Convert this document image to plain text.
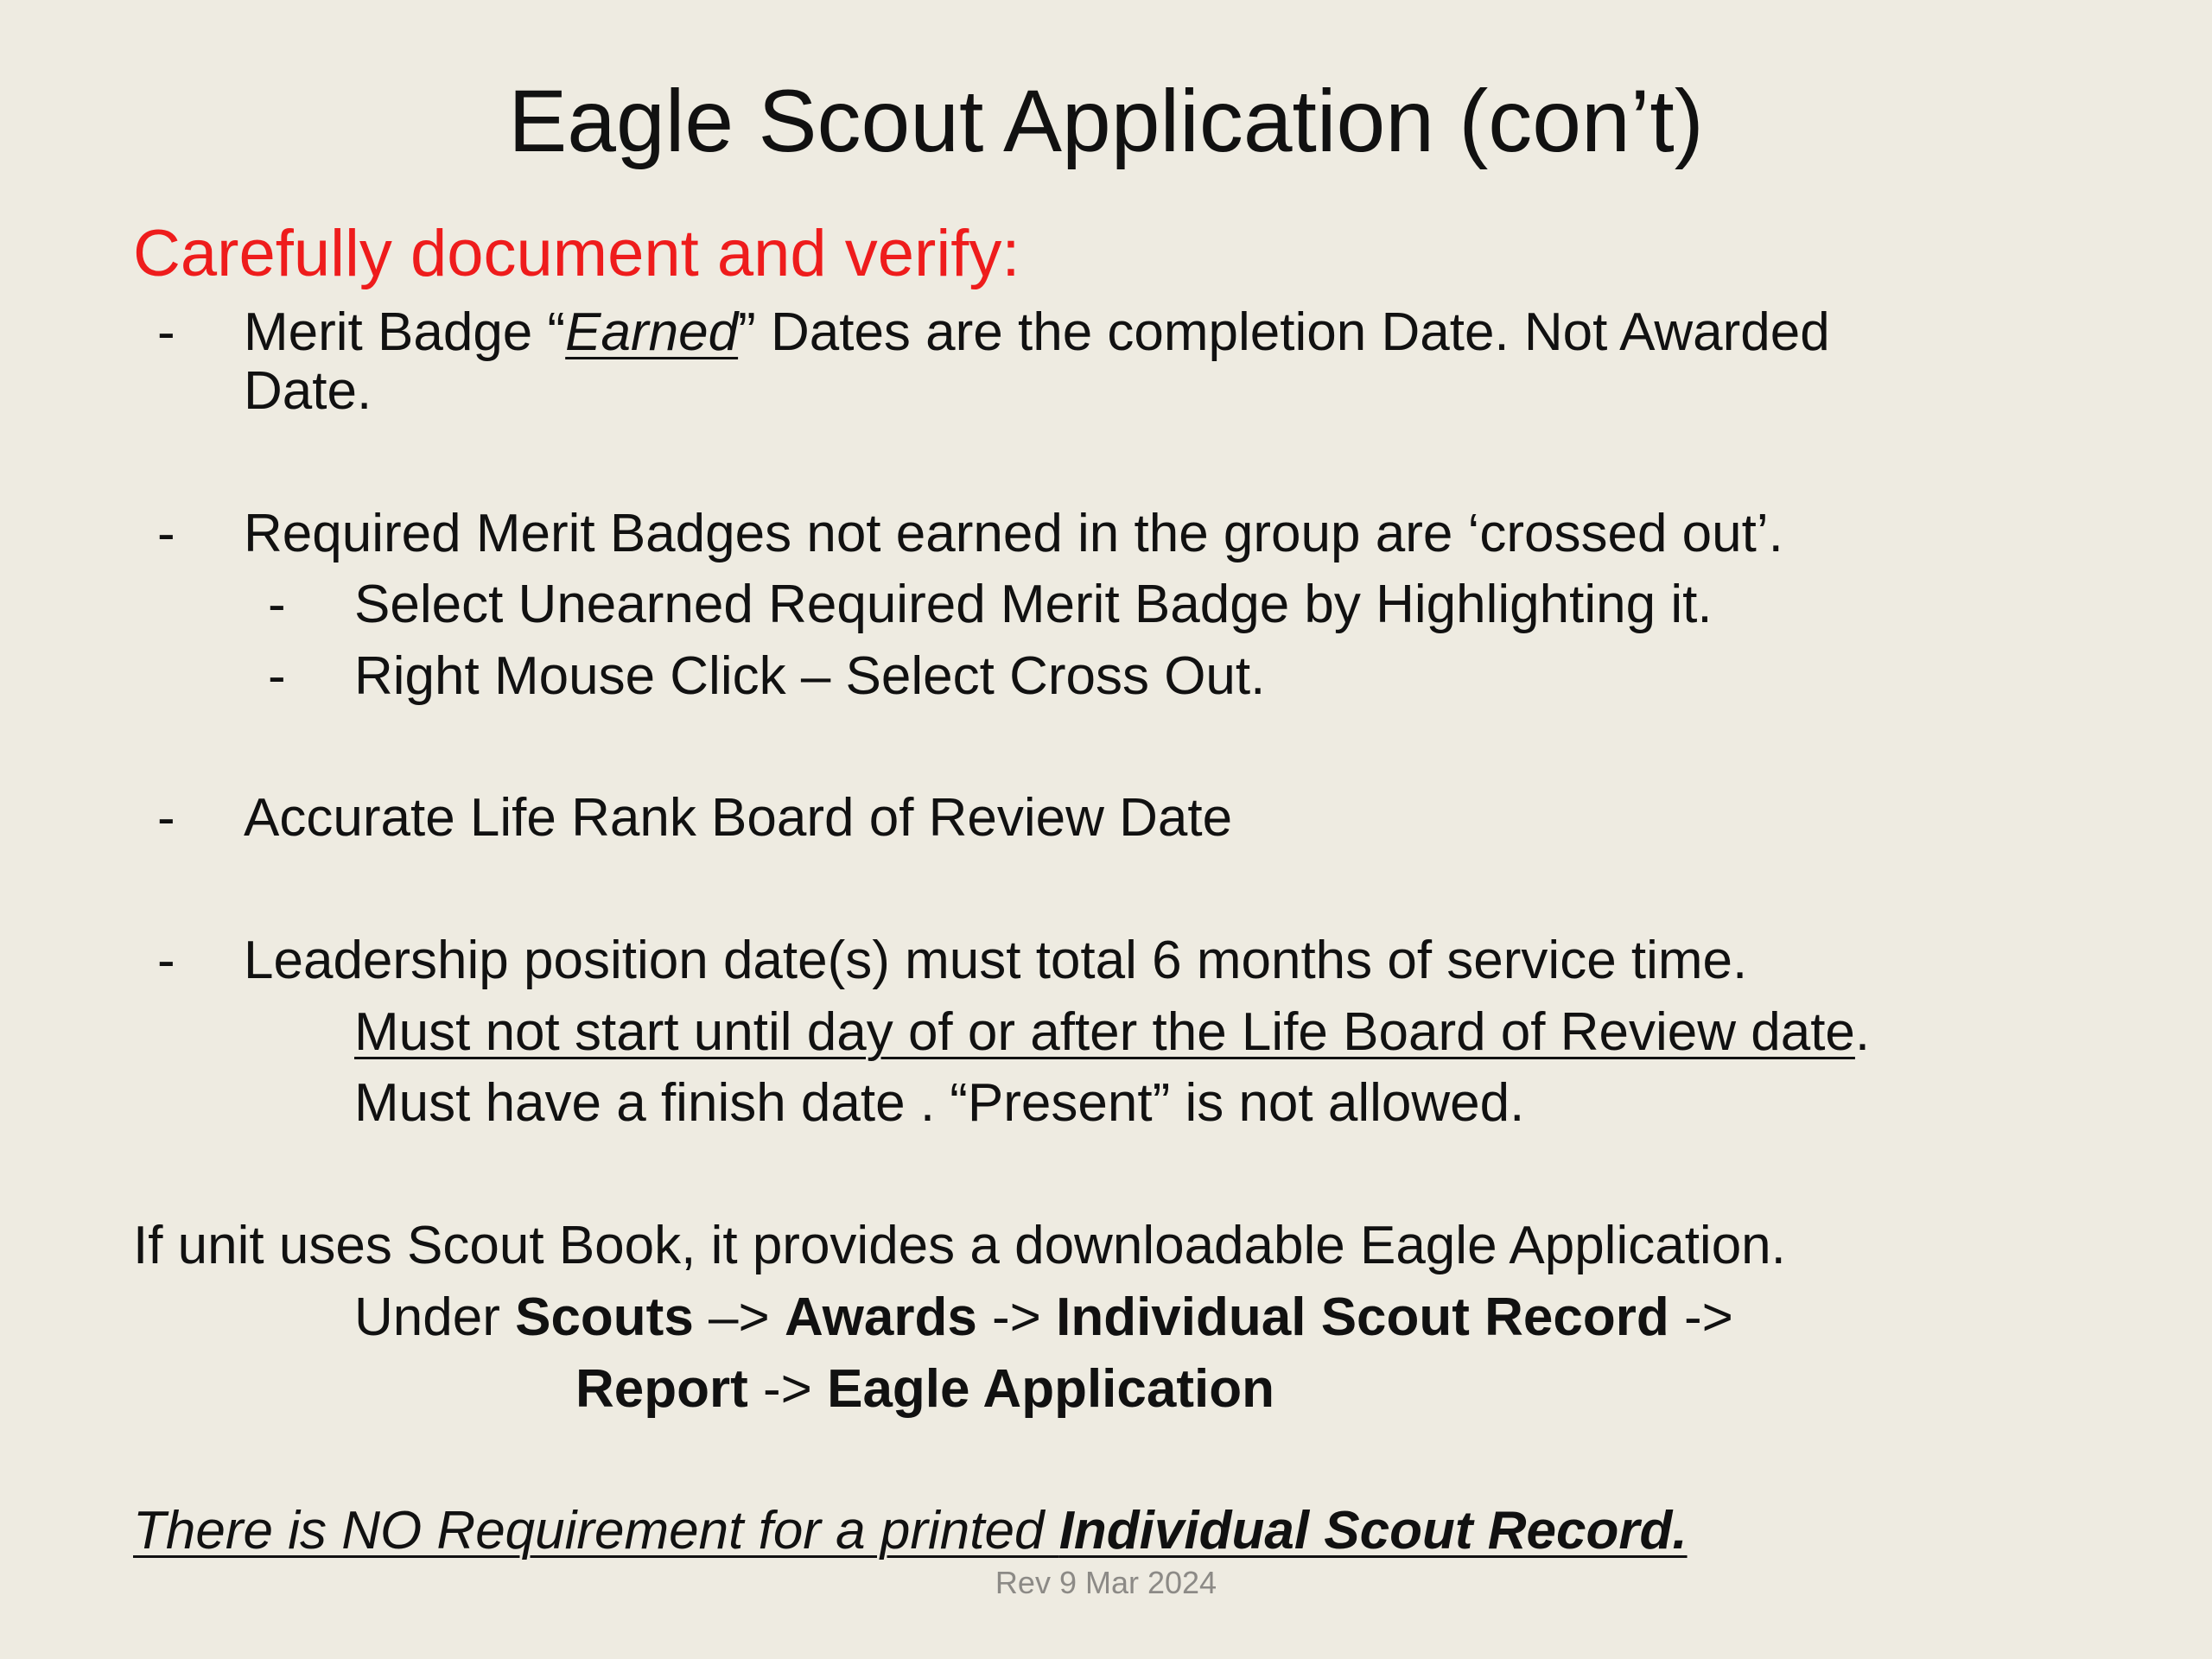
Eagle Scout Application (con’t)
Carefully document and verify:
- Merit Badge “Earned” Dates are the completion Date. Not Awarded
Date.
- Required Merit Badges not earned in the group are ‘crossed out’.
- Select Unearned Required Merit Badge by Highlighting it.
- Right Mouse Click – Select Cross Out.
- Accurate Life Rank Board of Review Date
- Leadership position date(s) must total 6 months of service time.
Must not start until day of or after the Life Board of Review date.
Must have a finish date . “Present” is not allowed.
If unit uses Scout Book, it provides a downloadable Eagle Application.
Under Scouts –> Awards -> Individual Scout Record ->
Report -> Eagle Application
There is NO Requirement for a printed Individual Scout Record.
Rev 9 Mar 2024
